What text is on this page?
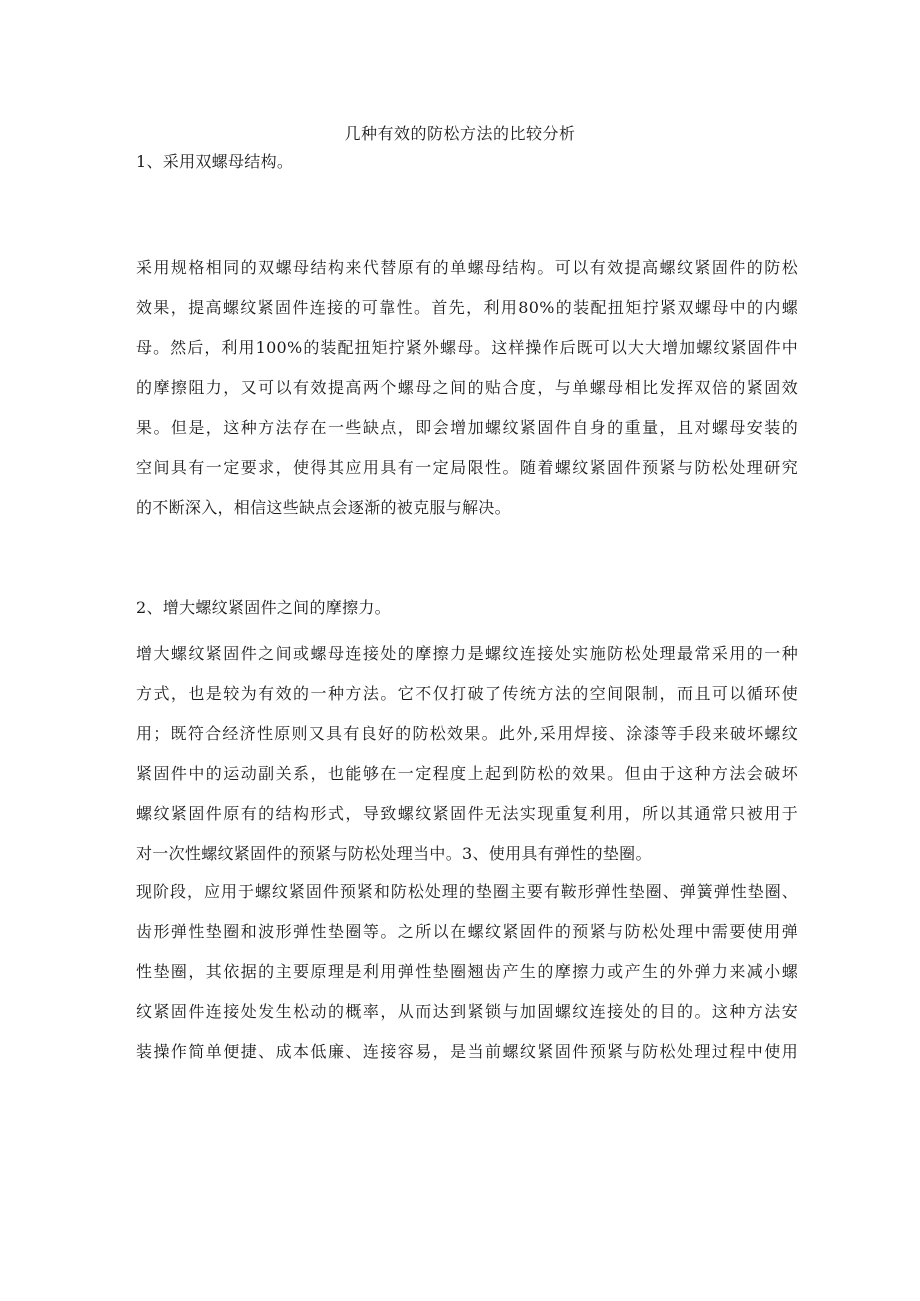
几种有效的防松方法的比较分析
1、采用双螺母结构。
采用规格相同的双螺母结构来代替原有的单螺母结构。可以有效提高螺纹紧固件的防松
效果，提高螺纹紧固件连接的可靠性。首先，利用80%的装配扭矩拧紧双螺母中的内螺
母。然后，利用100%的装配扭矩拧紧外螺母。这样操作后既可以大大增加螺纹紧固件中
的摩擦阻力，又可以有效提高两个螺母之间的贴合度，与单螺母相比发挥双倍的紧固效
果。但是，这种方法存在一些缺点，即会增加螺纹紧固件自身的重量，且对螺母安装的
空间具有一定要求，使得其应用具有一定局限性。随着螺纹紧固件预紧与防松处理研究
的不断深入，相信这些缺点会逐渐的被克服与解决。
2、增大螺纹紧固件之间的摩擦力。
增大螺纹紧固件之间或螺母连接处的摩擦力是螺纹连接处实施防松处理最常采用的一种
方式，也是较为有效的一种方法。它不仅打破了传统方法的空间限制，而且可以循环使
用；既符合经济性原则又具有良好的防松效果。此外,采用焊接、涂漆等手段来破坏螺纹
紧固件中的运动副关系，也能够在一定程度上起到防松的效果。但由于这种方法会破坏
螺纹紧固件原有的结构形式，导致螺纹紧固件无法实现重复利用，所以其通常只被用于
对一次性螺纹紧固件的预紧与防松处理当中。3、使用具有弹性的垫圈。
现阶段，应用于螺纹紧固件预紧和防松处理的垫圈主要有鞍形弹性垫圈、弹簧弹性垫圈、
齿形弹性垫圈和波形弹性垫圈等。之所以在螺纹紧固件的预紧与防松处理中需要使用弹
性垫圈，其依据的主要原理是利用弹性垫圈翘齿产生的摩擦力或产生的外弹力来减小螺
纹紧固件连接处发生松动的概率，从而达到紧锁与加固螺纹连接处的目的。这种方法安
装操作简单便捷、成本低廉、连接容易，是当前螺纹紧固件预紧与防松处理过程中使用
